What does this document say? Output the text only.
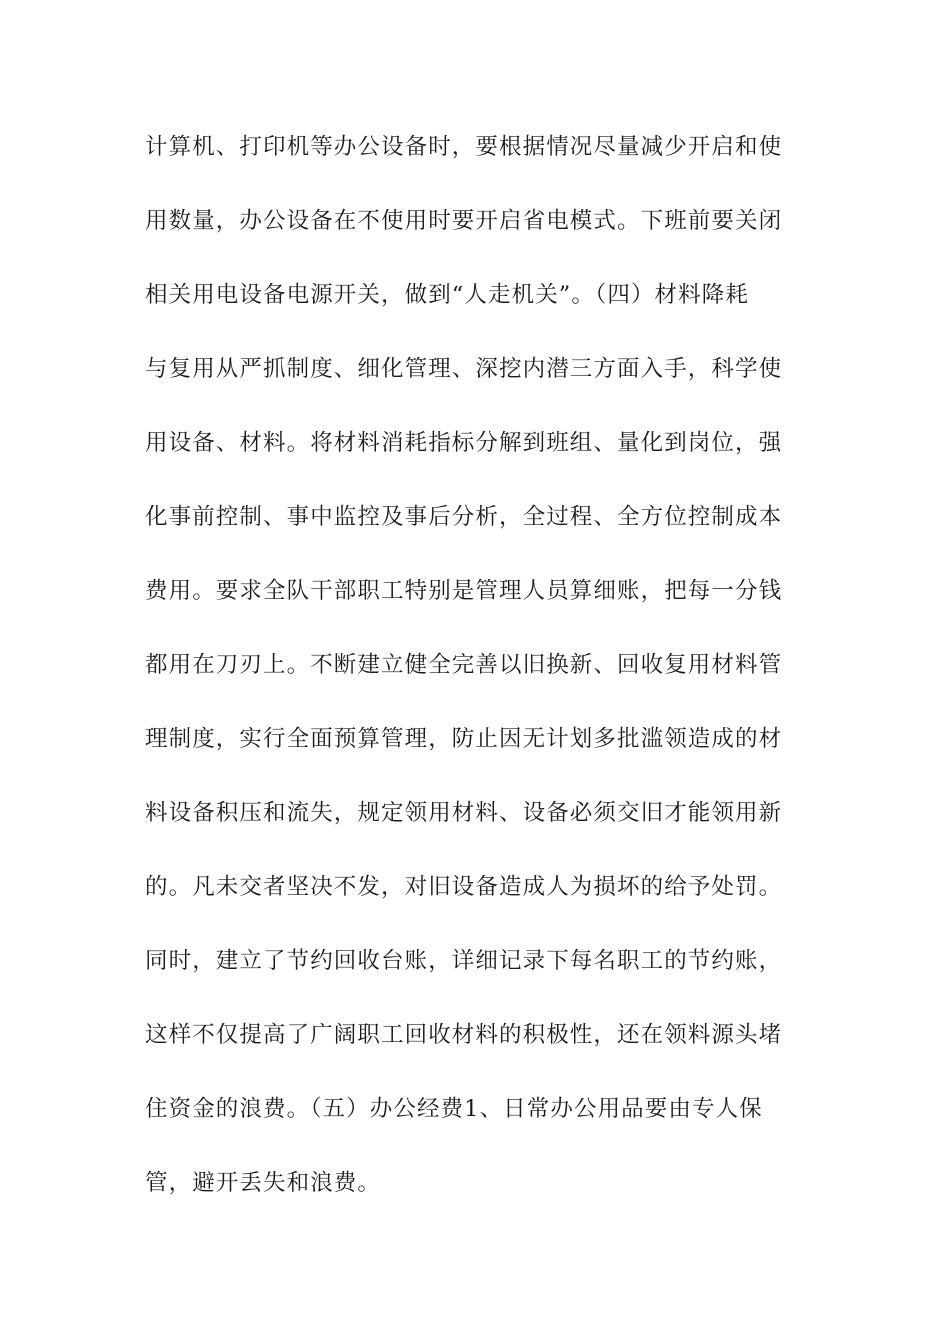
计算机、打印机等办公设备时，要根据情况尽量减少开启和使
用数量，办公设备在不使用时要开启省电模式。下班前要关闭
相关用电设备电源开关，做到“人走机关”。（四）材料降耗
与复用从严抓制度、细化管理、深挖内潜三方面入手，科学使
用设备、材料。将材料消耗指标分解到班组、量化到岗位，强
化事前控制、事中监控及事后分析，全过程、全方位控制成本
费用。要求全队干部职工特别是管理人员算细账，把每一分钱
都用在刀刃上。不断建立健全完善以旧换新、回收复用材料管
理制度，实行全面预算管理，防止因无计划多批滥领造成的材
料设备积压和流失，规定领用材料、设备必须交旧才能领用新
的。凡未交者坚决不发，对旧设备造成人为损坏的给予处罚。
同时，建立了节约回收台账，详细记录下每名职工的节约账，
这样不仅提高了广阔职工回收材料的积极性，还在领料源头堵
住资金的浪费。（五）办公经费1、日常办公用品要由专人保
管，避开丢失和浪费。
